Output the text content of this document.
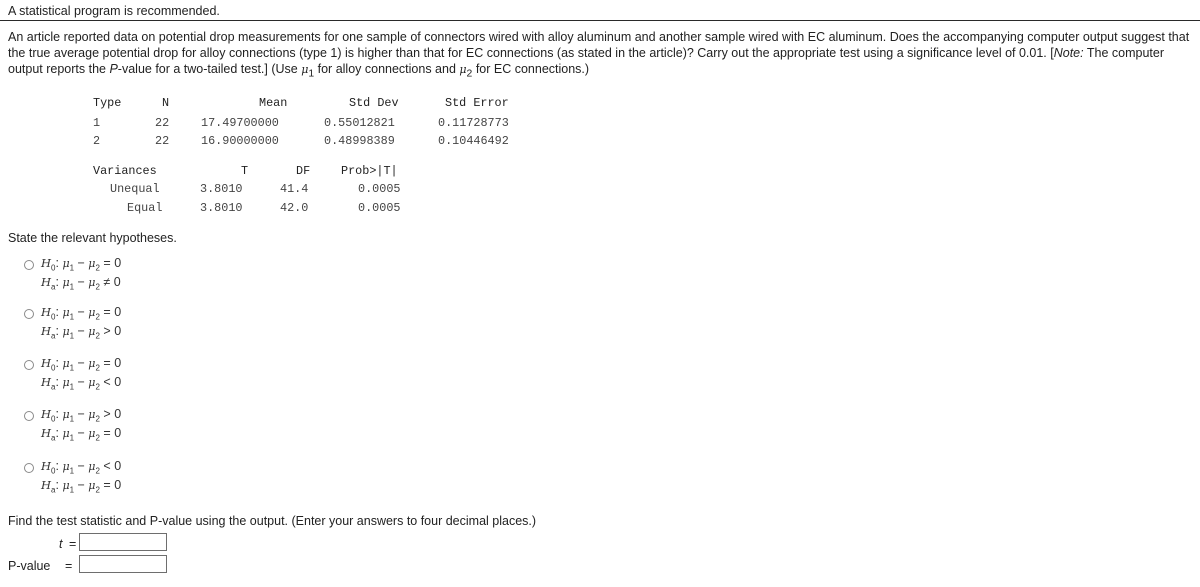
A statistical program is recommended.

An article reported data on potential drop measurements for one sample of connectors wired with alloy aluminum and another sample wired with EC aluminum. Does the accompanying computer output suggest that the true average potential drop for alloy connections (type 1) is higher than that for EC connections (as stated in the article)? Carry out the appropriate test using a significance level of 0.01. [Note: The computer output reports the P-value for a two-tailed test.] (Use $\mu_1$ for alloy connections and $\mu_2$ for EC connections.)

Type	N	Mean	Std Dev	Std Error
1	22	17.49700000	0.55012821	0.11728773
2	22	16.90000000	0.48998389	0.10446492
Variances	T	DF	Prob>|T|
Unequal	3.8010	41.4	0.0005
Equal	3.8010	42.0	0.0005
State the relevant hypotheses.
$H_0$: $\mu_1 - \mu_2 = 0$
$H_a$: $\mu_1 - \mu_2 \ne 0$
$H_0$: $\mu_1 - \mu_2 = 0$
$H_a$: $\mu_1 - \mu_2 > 0$
$H_0$: $\mu_1 - \mu_2 = 0$
$H_a$: $\mu_1 - \mu_2 < 0$
$H_0$: $\mu_1 - \mu_2 > 0$
$H_a$: $\mu_1 - \mu_2 = 0$
$H_0$: $\mu_1 - \mu_2 < 0$
$H_a$: $\mu_1 - \mu_2 = 0$
Find the test statistic and P-value using the output. (Enter your answers to four decimal places.)
t =
P-value =
